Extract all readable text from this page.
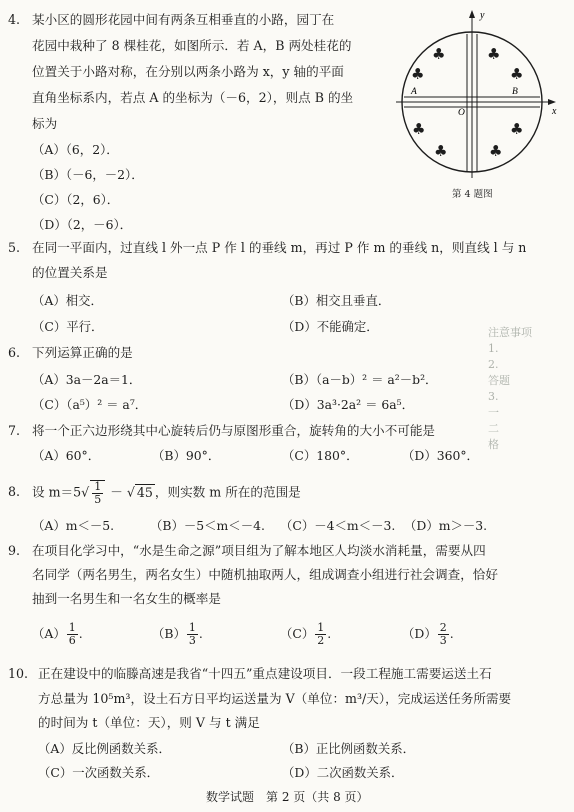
4. 某小区的圆形花园中间有两条互相垂直的小路，园丁在
花园中栽种了 8 棵桂花，如图所示．若 A，B 两处桂花的
位置关于小路对称，在分别以两条小路为 x，y 轴的平面
直角坐标系内，若点 A 的坐标为（－6，2），则点 B 的坐
标为
（A）（6，2）．
（B）（－6，－2）．
（C）（2，6）．
（D）（2，－6）．
y
x
O
A	B
♣	♣
♣	♣
♣	♣
♣	♣
第 4 题图
5. 在同一平面内，过直线 l 外一点 P 作 l 的垂线 m，再过 P 作 m 的垂线 n，则直线 l 与 n
的位置关系是
（A）相交．	（B）相交且垂直．
（C）平行．	（D）不能确定．
6. 下列运算正确的是
（A）3a－2a＝1．	（B）（a－b）² ＝ a²－b²．
（C）（a⁵）² ＝ a⁷．	（D）3a³·2a² ＝ 6a⁵．
7. 将一个正六边形绕其中心旋转后仍与原图形重合，旋转角的大小不可能是
（A）60°．	（B）90°．	（C）180°．	（D）360°．
8. 设 $m=5√ \frac{1}{5}$ － √ 45 ，则实数 m 所在的范围是
（A）m＜－5.	（B）－5＜m＜－4. （C）－4＜m＜－3. （D）m＞－3.
9. 在项目化学习中，“水是生命之源”项目组为了解本地区人均淡水消耗量，需要从四
名同学（两名男生，两名女生）中随机抽取两人，组成调查小组进行社会调查，恰好
抽到一名男生和一名女生的概率是
$(A) \frac{1}{6}$ .	$(B) \frac{1}{3}$ .	$(C) \frac{1}{2}$ .	$(D) \frac{2}{3}$ .
10. 正在建设中的临滕高速是我省“十四五”重点建设项目．一段工程施工需要运送土石
方总量为 10⁵m³，设土石方日平均运送量为 V（单位：m³/天），完成运送任务所需要
的时间为 t（单位：天），则 V 与 t 满足
（A）反比例函数关系．	（B）正比例函数关系．
（C）一次函数关系．	（D）二次函数关系．
数学试题　第 2 页（共 8 页）
注意事项
1.
2.
答题
3.
一
二
格
